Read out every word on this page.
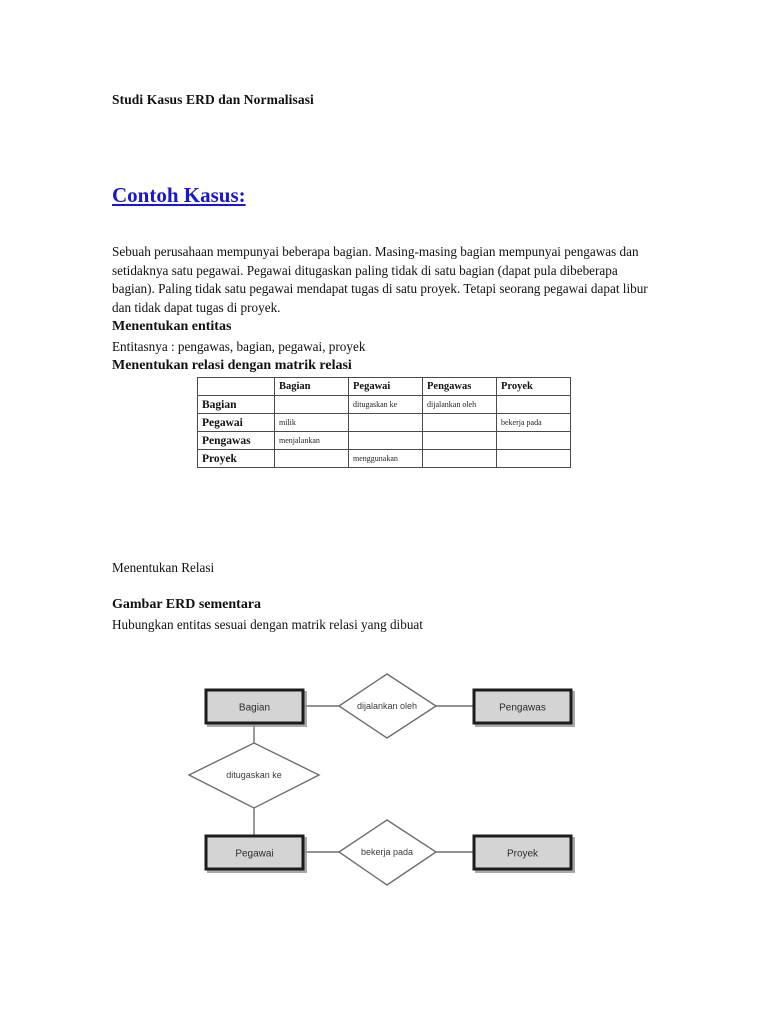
Studi Kasus ERD dan Normalisasi
Contoh Kasus:

Sebuah perusahaan mempunyai beberapa bagian. Masing-masing bagian mempunyai pengawas dan setidaknya satu pegawai. Pegawai ditugaskan paling tidak di satu bagian (dapat pula dibeberapa bagian). Paling tidak satu pegawai mendapat tugas di satu proyek. Tetapi seorang pegawai dapat libur dan tidak dapat tugas di proyek.

Menentukan entitas
Entitasnya : pengawas, bagian, pegawai, proyek
Menentukan relasi dengan matrik relasi
	Bagian	Pegawai	Pengawas	Proyek
Bagian		ditugaskan ke	dijalankan oleh	
Pegawai	milik			bekerja pada
Pengawas	menjalankan			
Proyek		menggunakan		
Menentukan Relasi
Gambar ERD sementara
Hubungkan entitas sesuai dengan matrik relasi yang dibuat
Bagian	Pengawas
Pegawai	Proyek
dijalankan oleh
ditugaskan ke
bekerja pada
